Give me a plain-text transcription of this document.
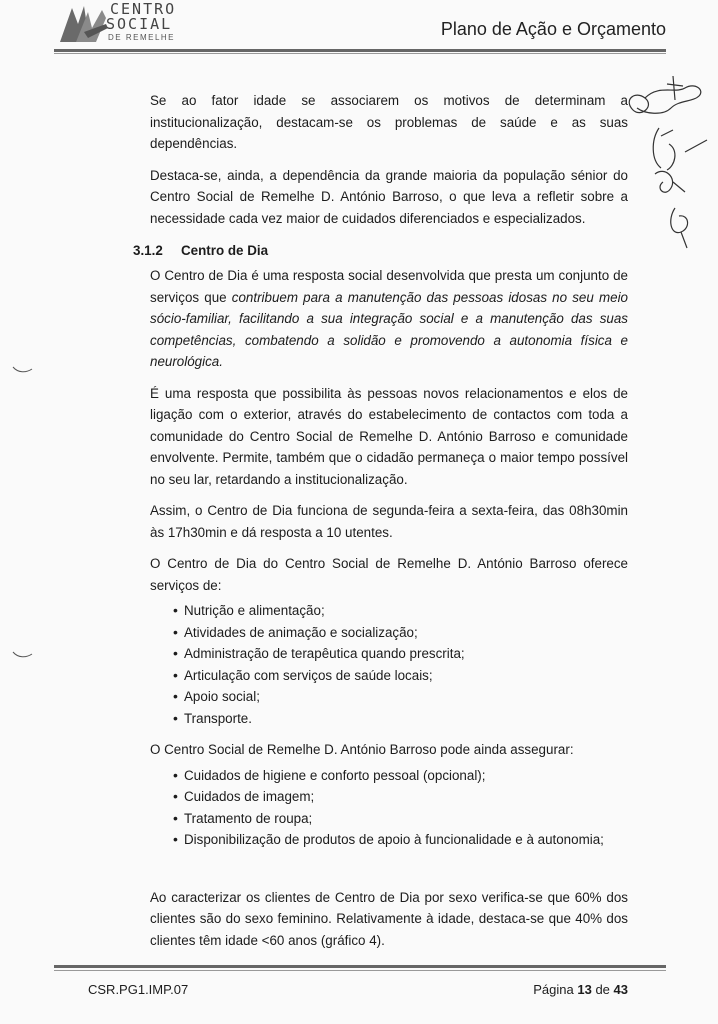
CENTRO
SOCIAL
DE REMELHE	Plano de Ação e Orçamento

Se ao fator idade se associarem os motivos de determinam a institucionalização, destacam-se os problemas de saúde e as suas dependências.

Destaca-se, ainda, a dependência da grande maioria da população sénior do Centro Social de Remelhe D. António Barroso, o que leva a refletir sobre a necessidade cada vez maior de cuidados diferenciados e especializados.

3.1.2 Centro de Dia

O Centro de Dia é uma resposta social desenvolvida que presta um conjunto de serviços que contribuem para a manutenção das pessoas idosas no seu meio sócio-familiar, facilitando a sua integração social e a manutenção das suas competências, combatendo a solidão e promovendo a autonomia física e neurológica.

É uma resposta que possibilita às pessoas novos relacionamentos e elos de ligação com o exterior, através do estabelecimento de contactos com toda a comunidade do Centro Social de Remelhe D. António Barroso e comunidade envolvente. Permite, também que o cidadão permaneça o maior tempo possível no seu lar, retardando a institucionalização.

Assim, o Centro de Dia funciona de segunda-feira a sexta-feira, das 08h30min às 17h30min e dá resposta a 10 utentes.

O Centro de Dia do Centro Social de Remelhe D. António Barroso oferece serviços de:

• Nutrição e alimentação;
• Atividades de animação e socialização;
• Administração de terapêutica quando prescrita;
• Articulação com serviços de saúde locais;
• Apoio social;
• Transporte.

O Centro Social de Remelhe D. António Barroso pode ainda assegurar:

• Cuidados de higiene e conforto pessoal (opcional);
• Cuidados de imagem;
• Tratamento de roupa;
• Disponibilização de produtos de apoio à funcionalidade e à autonomia;

Ao caracterizar os clientes de Centro de Dia por sexo verifica-se que 60% dos clientes são do sexo feminino. Relativamente à idade, destaca-se que 40% dos clientes têm idade <60 anos (gráfico 4).

CSR.PG1.IMP.07	Página 13 de 43
